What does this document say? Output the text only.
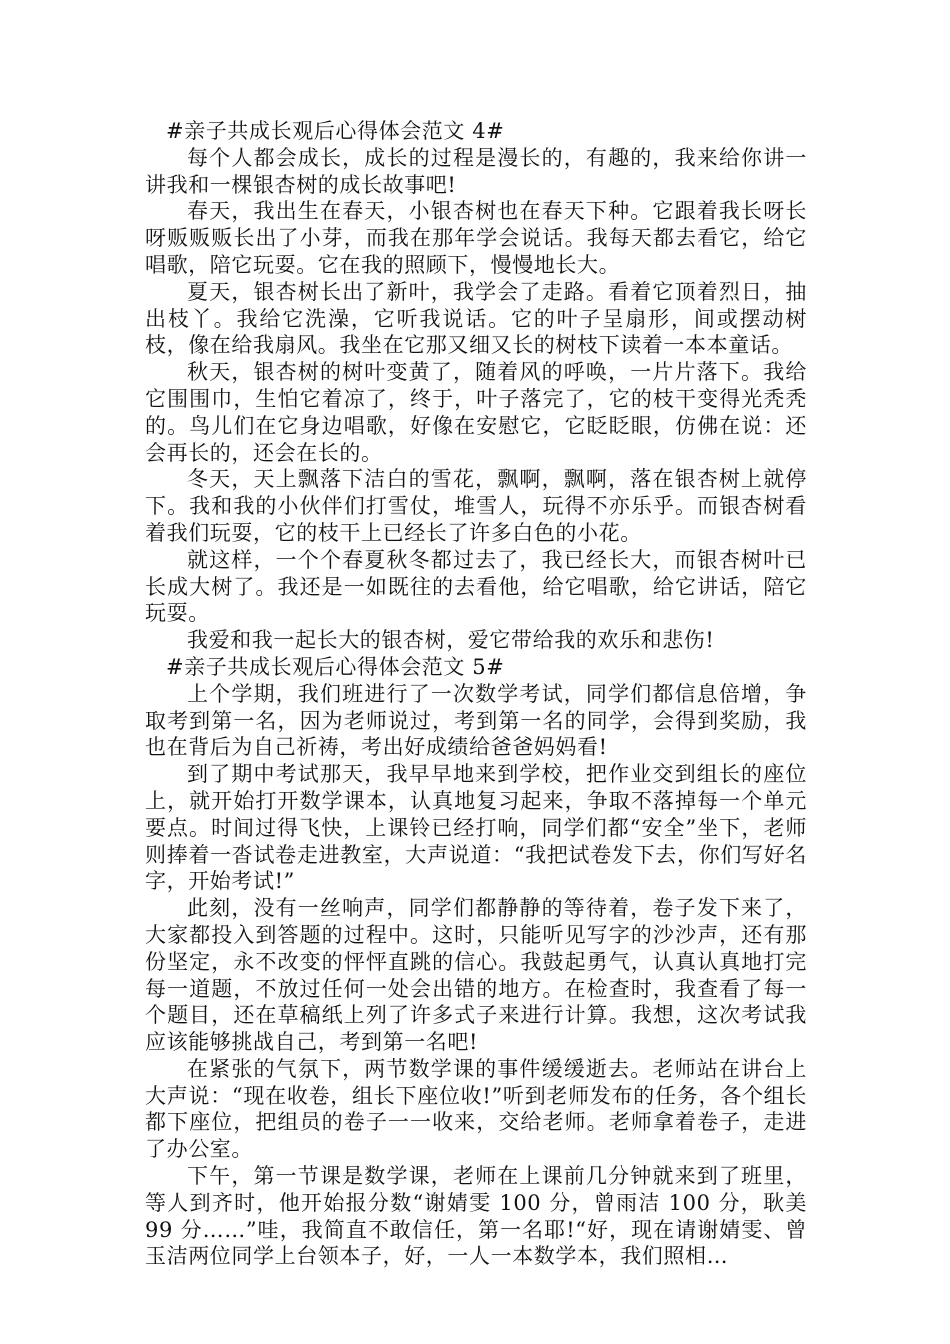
#亲子共成长观后心得体会范文 4#

每个人都会成长，成长的过程是漫长的，有趣的，我来给你讲一讲我和一棵银杏树的成长故事吧!

春天，我出生在春天，小银杏树也在春天下种。它跟着我长呀长呀贩贩贩长出了小芽，而我在那年学会说话。我每天都去看它，给它唱歌，陪它玩耍。它在我的照顾下，慢慢地长大。

夏天，银杏树长出了新叶，我学会了走路。看着它顶着烈日，抽出枝丫。我给它洗澡，它听我说话。它的叶子呈扇形，间或摆动树枝，像在给我扇风。我坐在它那又细又长的树枝下读着一本本童话。

秋天，银杏树的树叶变黄了，随着风的呼唤，一片片落下。我给它围围巾，生怕它着凉了，终于，叶子落完了，它的枝干变得光秃秃的。鸟儿们在它身边唱歌，好像在安慰它，它眨眨眼，仿佛在说：还会再长的，还会在长的。

冬天，天上飘落下洁白的雪花，飘啊，飘啊，落在银杏树上就停下。我和我的小伙伴们打雪仗，堆雪人，玩得不亦乐乎。而银杏树看着我们玩耍，它的枝干上已经长了许多白色的小花。

就这样，一个个春夏秋冬都过去了，我已经长大，而银杏树叶已长成大树了。我还是一如既往的去看他，给它唱歌，给它讲话，陪它玩耍。

我爱和我一起长大的银杏树，爱它带给我的欢乐和悲伤!

#亲子共成长观后心得体会范文 5#

上个学期，我们班进行了一次数学考试，同学们都信息倍增，争取考到第一名，因为老师说过，考到第一名的同学，会得到奖励，我也在背后为自己祈祷，考出好成绩给爸爸妈妈看!

到了期中考试那天，我早早地来到学校，把作业交到组长的座位上，就开始打开数学课本，认真地复习起来，争取不落掉每一个单元要点。时间过得飞快，上课铃已经打响，同学们都“安全”坐下，老师则捧着一沓试卷走进教室，大声说道：“我把试卷发下去，你们写好名字，开始考试!”

此刻，没有一丝响声，同学们都静静的等待着，卷子发下来了，大家都投入到答题的过程中。这时，只能听见写字的沙沙声，还有那份坚定，永不改变的怦怦直跳的信心。我鼓起勇气，认真认真地打完每一道题，不放过任何一处会出错的地方。在检查时，我查看了每一个题目，还在草稿纸上列了许多式子来进行计算。我想，这次考试我应该能够挑战自己，考到第一名吧!

在紧张的气氛下，两节数学课的事件缓缓逝去。老师站在讲台上大声说：“现在收卷，组长下座位收!”听到老师发布的任务，各个组长都下座位，把组员的卷子一一收来，交给老师。老师拿着卷子，走进了办公室。

下午，第一节课是数学课，老师在上课前几分钟就来到了班里，等人到齐时，他开始报分数“谢婧雯 100 分，曾雨洁 100 分，耿美 99 分……”哇，我简直不敢信任，第一名耶!“好，现在请谢婧雯、曾玉洁两位同学上台领本子，好，一人一本数学本，我们照相…
